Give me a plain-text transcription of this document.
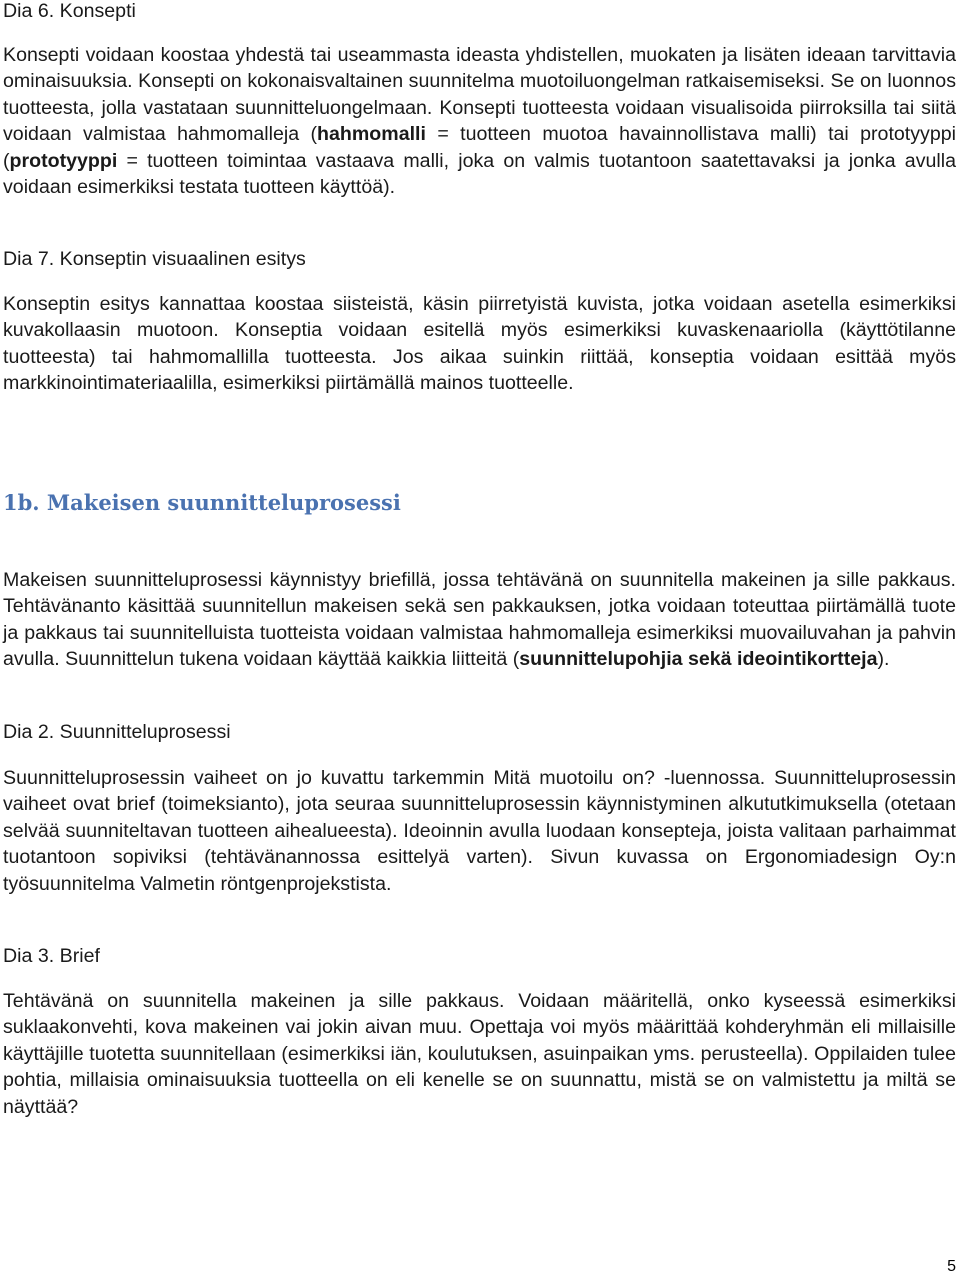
Dia 6. Konsepti

Konsepti voidaan koostaa yhdestä tai useammasta ideasta yhdistellen, muokaten ja lisäten ideaan tarvittavia ominaisuuksia. Konsepti on kokonaisvaltainen suunnitelma muotoiluongelman ratkaisemiseksi. Se on luonnos tuotteesta, jolla vastataan suunnitteluongelmaan. Konsepti tuotteesta voidaan visualisoida piirroksilla tai siitä voidaan valmistaa hahmomalleja (hahmomalli = tuotteen muotoa havainnollistava malli) tai prototyyppi (prototyyppi = tuotteen toimintaa vastaava malli, joka on valmis tuotantoon saatettavaksi ja jonka avulla voidaan esimerkiksi testata tuotteen käyttöä).

Dia 7. Konseptin visuaalinen esitys

Konseptin esitys kannattaa koostaa siisteistä, käsin piirretyistä kuvista, jotka voidaan asetella esimerkiksi kuvakollaasin muotoon. Konseptia voidaan esitellä myös esimerkiksi kuvaskenaariolla (käyttötilanne tuotteesta) tai hahmomallilla tuotteesta. Jos aikaa suinkin riittää, konseptia voidaan esittää myös markkinointimateriaalilla, esimerkiksi piirtämällä mainos tuotteelle.

1b. Makeisen suunnitteluprosessi

Makeisen suunnitteluprosessi käynnistyy briefillä, jossa tehtävänä on suunnitella makeinen ja sille pakkaus. Tehtävänanto käsittää suunnitellun makeisen sekä sen pakkauksen, jotka voidaan toteuttaa piirtämällä tuote ja pakkaus tai suunnitelluista tuotteista voidaan valmistaa hahmomalleja esimerkiksi muovailuvahan ja pahvin avulla. Suunnittelun tukena voidaan käyttää kaikkia liitteitä (suunnittelupohjia sekä ideointikortteja).

Dia 2. Suunnitteluprosessi

Suunnitteluprosessin vaiheet on jo kuvattu tarkemmin Mitä muotoilu on? -luennossa. Suunnitteluprosessin vaiheet ovat brief (toimeksianto), jota seuraa suunnitteluprosessin käynnistyminen alkututkimuksella (otetaan selvää suunniteltavan tuotteen aihealueesta). Ideoinnin avulla luodaan konsepteja, joista valitaan parhaimmat tuotantoon sopiviksi (tehtävänannossa esittelyä varten). Sivun kuvassa on Ergonomiadesign Oy:n työsuunnitelma Valmetin röntgenprojekstista.

Dia 3. Brief

Tehtävänä on suunnitella makeinen ja sille pakkaus. Voidaan määritellä, onko kyseessä esimerkiksi suklaakonvehti, kova makeinen vai jokin aivan muu. Opettaja voi myös määrittää kohderyhmän eli millaisille käyttäjille tuotetta suunnitellaan (esimerkiksi iän, koulutuksen, asuinpaikan yms. perusteella). Oppilaiden tulee pohtia, millaisia ominaisuuksia tuotteella on eli kenelle se on suunnattu, mistä se on valmistettu ja miltä se näyttää?

5
